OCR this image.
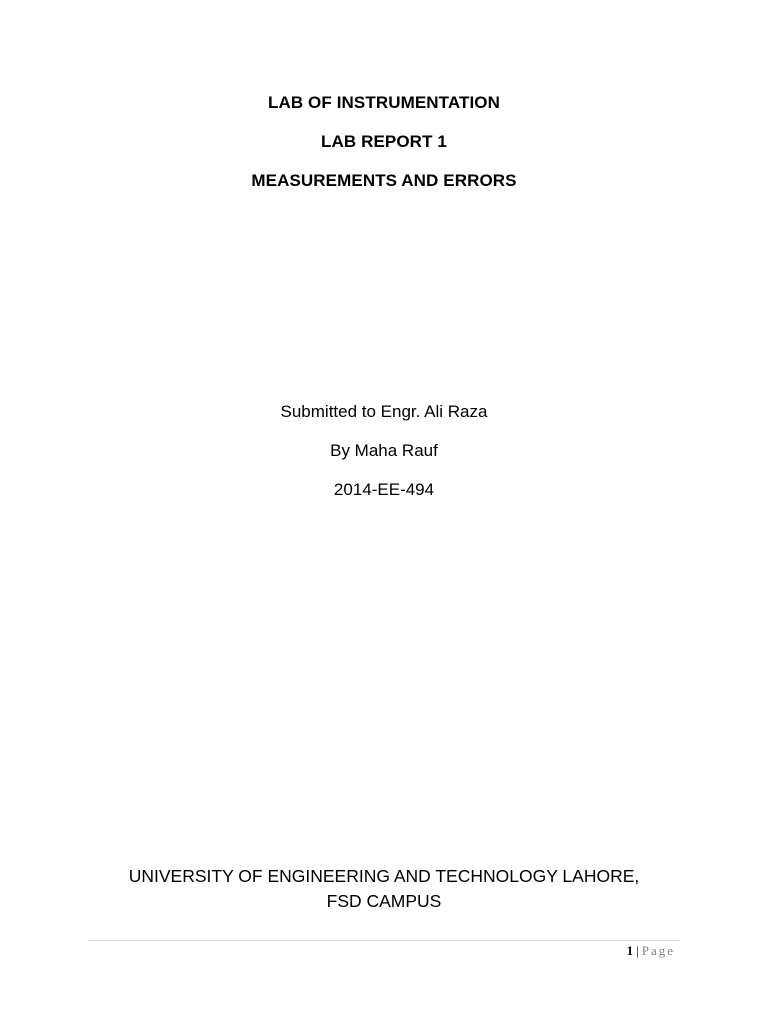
LAB OF INSTRUMENTATION
LAB REPORT 1
MEASUREMENTS AND ERRORS
Submitted to Engr. Ali Raza
By Maha Rauf
2014-EE-494
UNIVERSITY OF ENGINEERING AND TECHNOLOGY LAHORE,
FSD CAMPUS
1 | Page
